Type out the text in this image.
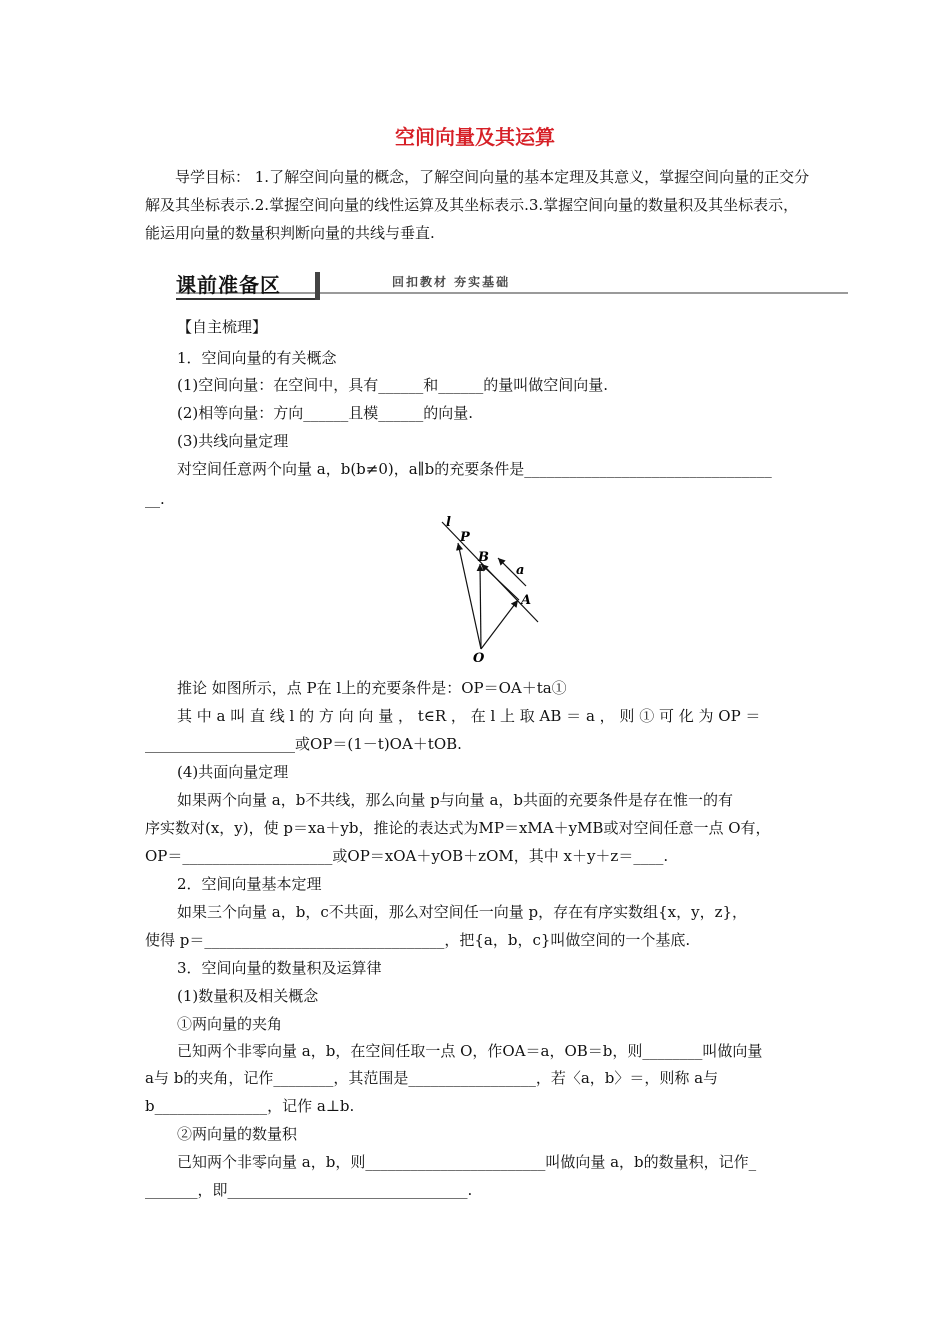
空间向量及其运算
导学目标： 1.了解空间向量的概念，了解空间向量的基本定理及其意义，掌握空间向量的正交分解及其坐标表示.2.掌握空间向量的线性运算及其坐标表示.3.掌握空间向量的数量积及其坐标表示，能运用向量的数量积判断向量的共线与垂直.
课前准备区	回扣教材 夯实基础
【自主梳理】
1．空间向量的有关概念
(1)空间向量：在空间中，具有______和______的量叫做空间向量.
(2)相等向量：方向______且模______的向量.
(3)共线向量定理
对空间任意两个向量 a，b(b≠0)，a∥b的充要条件是_________________________________
__.
l
P
B
a
A
O
推论 如图所示，点 P在 l上的充要条件是：OP＝OA＋ta①
其 中 a 叫 直 线 l 的 方 向 向 量 ， t∈R ， 在 l 上 取 AB ＝ a ， 则 ① 可 化 为 OP ＝
____________________或OP＝(1－t)OA＋tOB.
(4)共面向量定理
如果两个向量 a，b不共线，那么向量 p与向量 a，b共面的充要条件是存在惟一的有
序实数对(x，y)，使 p＝xa＋yb，推论的表达式为MP＝xMA＋yMB或对空间任意一点 O有，
OP＝____________________或OP＝xOA＋yOB＋zOM，其中 x＋y＋z＝____.
2．空间向量基本定理
如果三个向量 a，b，c不共面，那么对空间任一向量 p，存在有序实数组{x，y，z}，
使得 p＝________________________________，把{a，b，c}叫做空间的一个基底.
3．空间向量的数量积及运算律
(1)数量积及相关概念
①两向量的夹角
已知两个非零向量 a，b，在空间任取一点 O，作OA＝a，OB＝b，则________叫做向量
a与 b的夹角，记作________，其范围是_________________，若〈a，b〉＝，则称 a与
b_______________，记作 a⊥b.
②两向量的数量积
已知两个非零向量 a，b，则________________________叫做向量 a，b的数量积，记作_
_______，即________________________________.
